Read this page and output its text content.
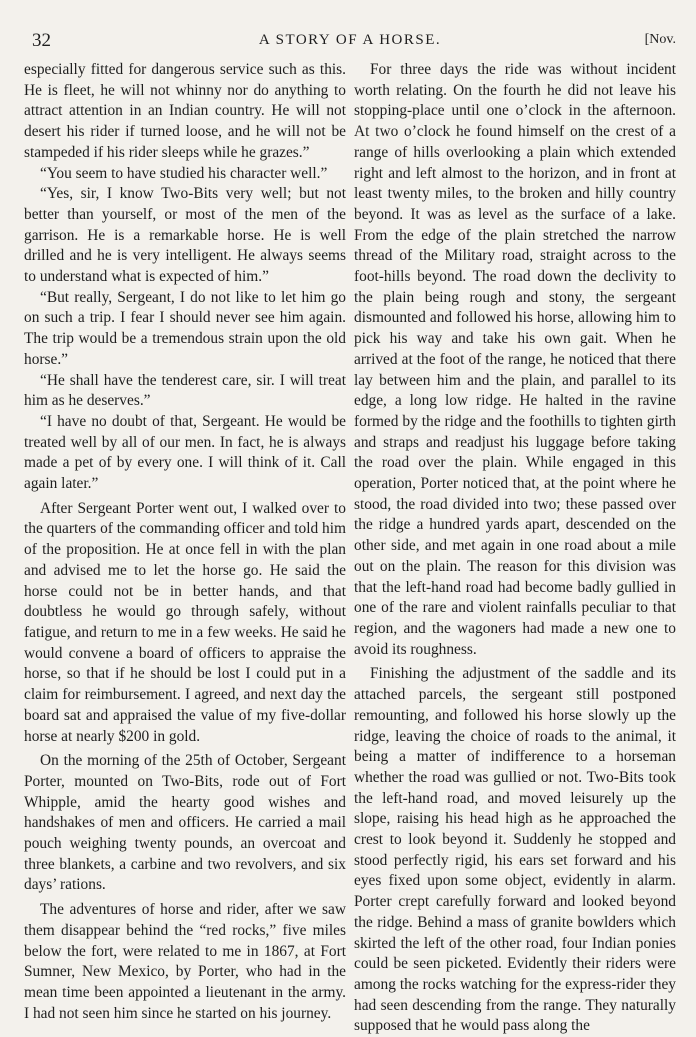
32	A STORY OF A HORSE.	[Nov.

especially fitted for dangerous service such as this. He is fleet, he will not whinny nor do anything to attract attention in an Indian country. He will not desert his rider if turned loose, and he will not be stampeded if his rider sleeps while he grazes.”

“You seem to have studied his character well.”

“Yes, sir, I know Two-Bits very well; but not better than yourself, or most of the men of the garrison. He is a remarkable horse. He is well drilled and he is very intelligent. He always seems to understand what is expected of him.”

“But really, Sergeant, I do not like to let him go on such a trip. I fear I should never see him again. The trip would be a tremendous strain upon the old horse.”

“He shall have the tenderest care, sir. I will treat him as he deserves.”

“I have no doubt of that, Sergeant. He would be treated well by all of our men. In fact, he is always made a pet of by every one. I will think of it. Call again later.”

After Sergeant Porter went out, I walked over to the quarters of the commanding officer and told him of the proposition. He at once fell in with the plan and advised me to let the horse go. He said the horse could not be in better hands, and that doubtless he would go through safely, without fatigue, and return to me in a few weeks. He said he would convene a board of officers to appraise the horse, so that if he should be lost I could put in a claim for reimbursement. I agreed, and next day the board sat and appraised the value of my five-dollar horse at nearly $200 in gold.

On the morning of the 25th of October, Sergeant Porter, mounted on Two-Bits, rode out of Fort Whipple, amid the hearty good wishes and handshakes of men and officers. He carried a mail pouch weighing twenty pounds, an overcoat and three blankets, a carbine and two revolvers, and six days’ rations.

The adventures of horse and rider, after we saw them disappear behind the “red rocks,” five miles below the fort, were related to me in 1867, at Fort Sumner, New Mexico, by Porter, who had in the mean time been appointed a lieutenant in the army. I had not seen him since he started on his journey.

For three days the ride was without incident worth relating. On the fourth he did not leave his stopping-place until one o’clock in the afternoon. At two o’clock he found himself on the crest of a range of hills overlooking a plain which extended right and left almost to the horizon, and in front at least twenty miles, to the broken and hilly country beyond. It was as level as the surface of a lake. From the edge of the plain stretched the narrow thread of the Military road, straight across to the foot-hills beyond. The road down the declivity to the plain being rough and stony, the sergeant dismounted and followed his horse, allowing him to pick his way and take his own gait. When he arrived at the foot of the range, he noticed that there lay between him and the plain, and parallel to its edge, a long low ridge. He halted in the ravine formed by the ridge and the foothills to tighten girth and straps and readjust his luggage before taking the road over the plain. While engaged in this operation, Porter noticed that, at the point where he stood, the road divided into two; these passed over the ridge a hundred yards apart, descended on the other side, and met again in one road about a mile out on the plain. The reason for this division was that the left-hand road had become badly gullied in one of the rare and violent rainfalls peculiar to that region, and the wagoners had made a new one to avoid its roughness.

Finishing the adjustment of the saddle and its attached parcels, the sergeant still postponed remounting, and followed his horse slowly up the ridge, leaving the choice of roads to the animal, it being a matter of indifference to a horseman whether the road was gullied or not. Two-Bits took the left-hand road, and moved leisurely up the slope, raising his head high as he approached the crest to look beyond it. Suddenly he stopped and stood perfectly rigid, his ears set forward and his eyes fixed upon some object, evidently in alarm. Porter crept carefully forward and looked beyond the ridge. Behind a mass of granite bowlders which skirted the left of the other road, four Indian ponies could be seen picketed. Evidently their riders were among the rocks watching for the express-rider they had seen descending from the range. They naturally supposed that he would pass along the
